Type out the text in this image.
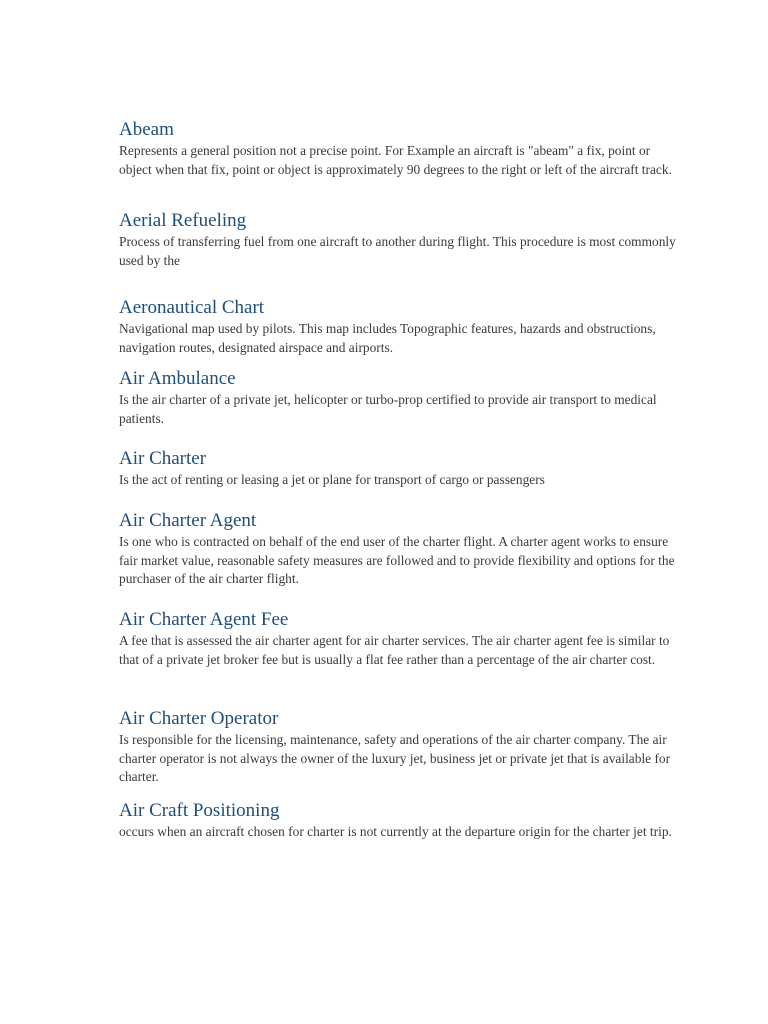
Abeam

Represents a general position not a precise point. For Example an aircraft is "abeam" a fix, point or object when that fix, point or object is approximately 90 degrees to the right or left of the aircraft track.

Aerial Refueling

Process of transferring fuel from one aircraft to another during flight. This procedure is most commonly used by the

Aeronautical Chart

Navigational map used by pilots. This map includes Topographic features, hazards and obstructions, navigation routes, designated airspace and airports.

Air Ambulance

Is the air charter of a private jet, helicopter or turbo-prop certified to provide air transport to medical patients.

Air Charter

Is the act of renting or leasing a jet or plane for transport of cargo or passengers

Air Charter Agent

Is one who is contracted on behalf of the end user of the charter flight. A charter agent works to ensure fair market value, reasonable safety measures are followed and to provide flexibility and options for the purchaser of the air charter flight.

Air Charter Agent Fee

A fee that is assessed the air charter agent for air charter services. The air charter agent fee is similar to that of a private jet broker fee but is usually a flat fee rather than a percentage of the air charter cost.

Air Charter Operator

Is responsible for the licensing, maintenance, safety and operations of the air charter company. The air charter operator is not always the owner of the luxury jet, business jet or private jet that is available for charter.

Air Craft Positioning

occurs when an aircraft chosen for charter is not currently at the departure origin for the charter jet trip.
